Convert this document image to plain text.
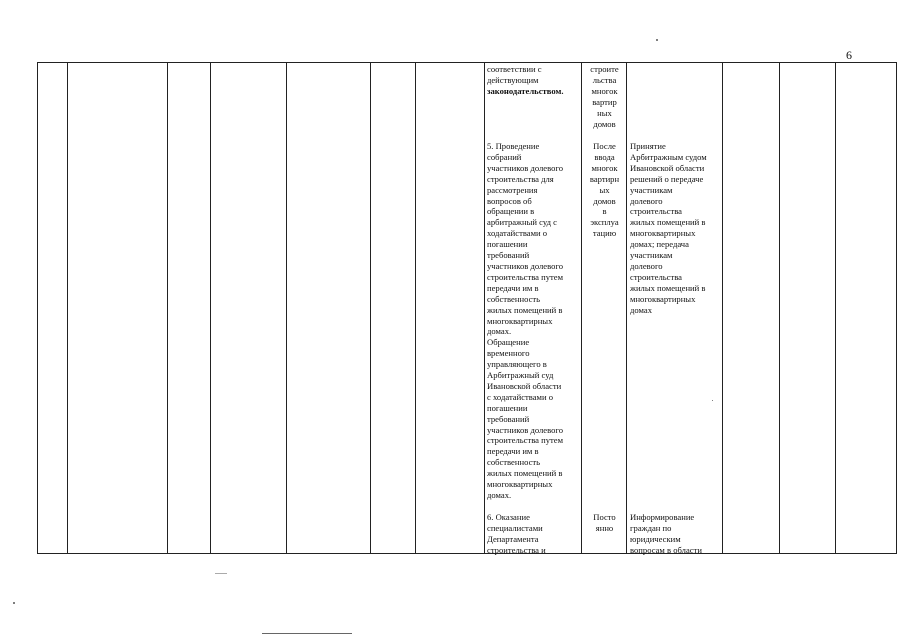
6
соответствии с
действующим
законодательством.
5. Проведение
собраний
участников долевого
строительства для
рассмотрения
вопросов об
обращении в
арбитражный суд с
ходатайствами о
погашении
требований
участников долевого
строительства путем
передачи им в
собственность
жилых помещений в
многоквартирных
домах.
Обращение
временного
управляющего в
Арбитражный суд
Ивановской области
с ходатайствами о
погашении
требований
участников долевого
строительства путем
передачи им в
собственность
жилых помещений в
многоквартирных
домах.
6. Оказание
специалистами
Департамента
строительства и
строите
льства
многок
вартир
ных
домов
После
ввода
многок
вартирн
ых
домов
в
эксплуа
тацию
Посто
янно
Принятие
Арбитражным судом
Ивановской области
решений о передаче
участникам
долевого
строительства
жилых помещений в
многоквартирных
домах; передача
участникам
долевого
строительства
жилых помещений в
многоквартирных
домах
Информирование
граждан по
юридическим
вопросам в области
